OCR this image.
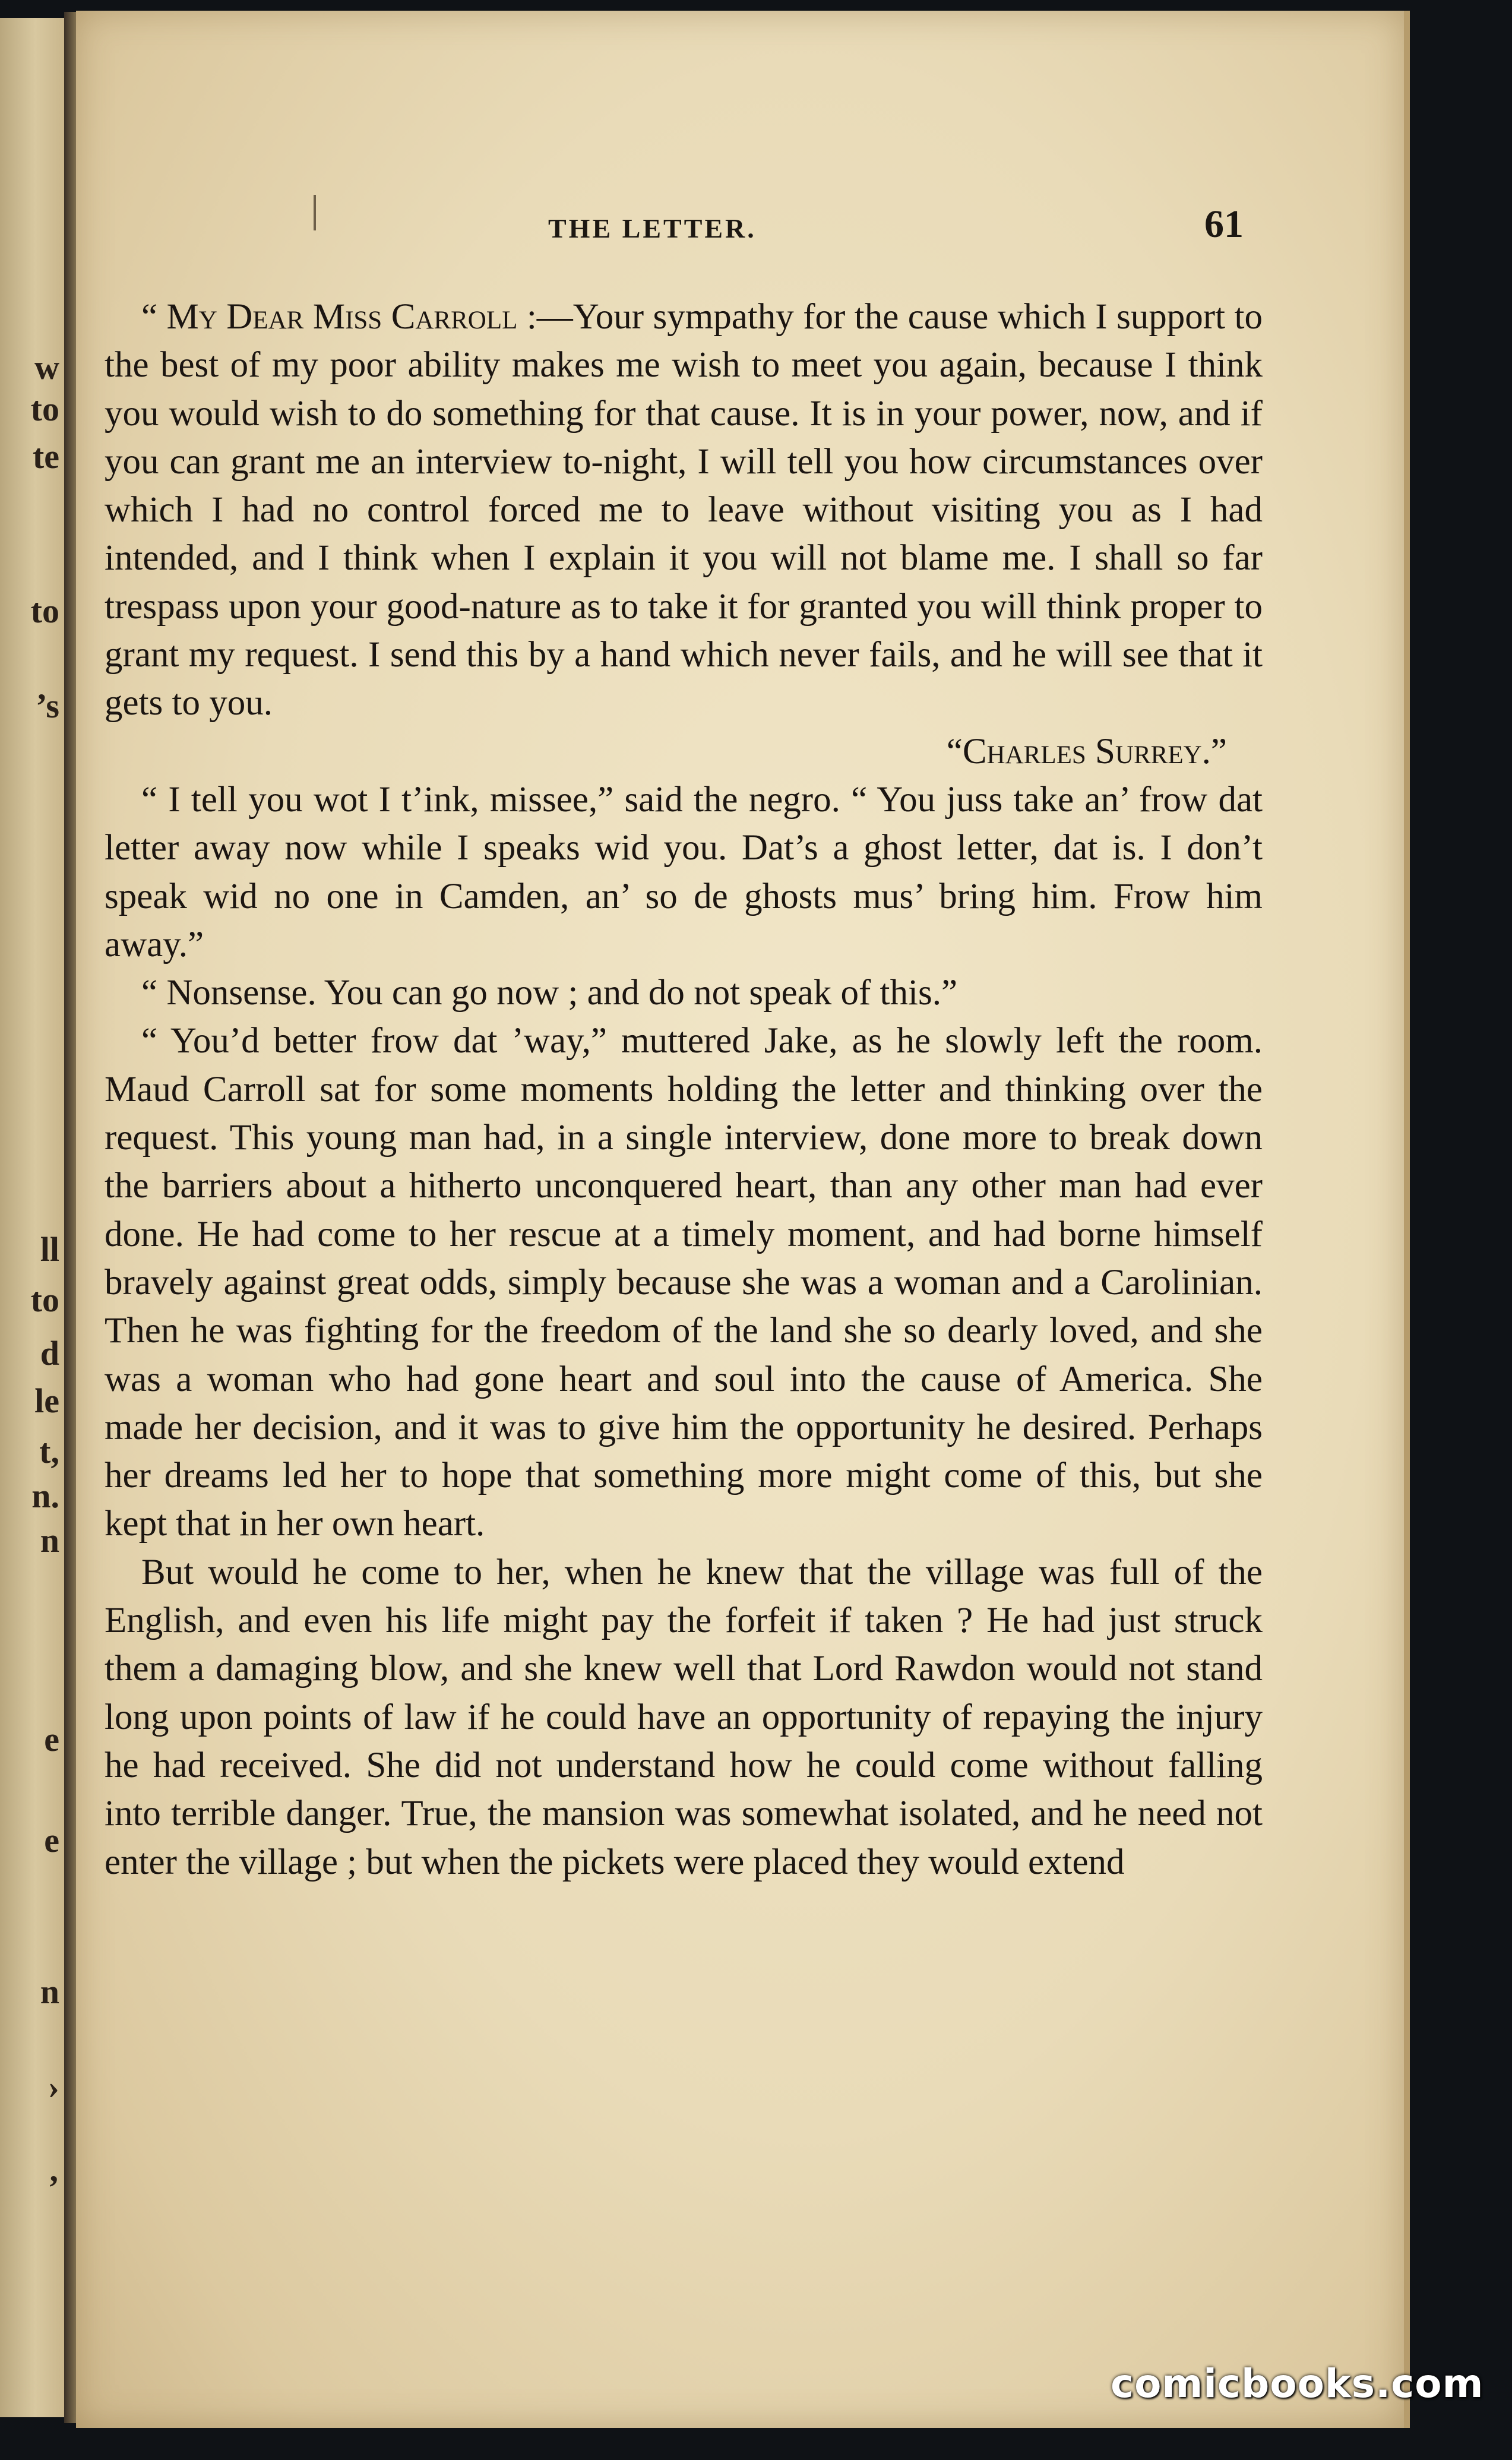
w
to
te
to
’s
ll
to
d
le
t,
n.
n
e
e
n
›
’
THE LETTER.	61

“ My Dear Miss Carroll :—Your sympathy for the cause which I support to the best of my poor ability makes me wish to meet you again, because I think you would wish to do something for that cause. It is in your power, now, and if you can grant me an interview to-night, I will tell you how circumstances over which I had no control forced me to leave without visiting you as I had intended, and I think when I explain it you will not blame me. I shall so far trespass upon your good-nature as to take it for granted you will think proper to grant my request. I send this by a hand which never fails, and he will see that it gets to you.

“Charles Surrey.”

“ I tell you wot I t’ink, missee,” said the negro. “ You juss take an’ frow dat letter away now while I speaks wid you. Dat’s a ghost letter, dat is. I don’t speak wid no one in Camden, an’ so de ghosts mus’ bring him. Frow him away.”

“ Nonsense. You can go now ; and do not speak of this.”

“ You’d better frow dat ’way,” muttered Jake, as he slowly left the room. Maud Carroll sat for some moments holding the letter and thinking over the request. This young man had, in a single interview, done more to break down the barriers about a hitherto unconquered heart, than any other man had ever done. He had come to her rescue at a timely moment, and had borne himself bravely against great odds, simply because she was a woman and a Carolinian. Then he was fighting for the freedom of the land she so dearly loved, and she was a woman who had gone heart and soul into the cause of America. She made her decision, and it was to give him the opportunity he desired. Perhaps her dreams led her to hope that something more might come of this, but she kept that in her own heart.

But would he come to her, when he knew that the village was full of the English, and even his life might pay the forfeit if taken ? He had just struck them a damaging blow, and she knew well that Lord Rawdon would not stand long upon points of law if he could have an opportunity of repaying the injury he had received. She did not understand how he could come without falling into terrible danger. True, the mansion was somewhat isolated, and he need not enter the village ; but when the pickets were placed they would extend

comicbooks.com
